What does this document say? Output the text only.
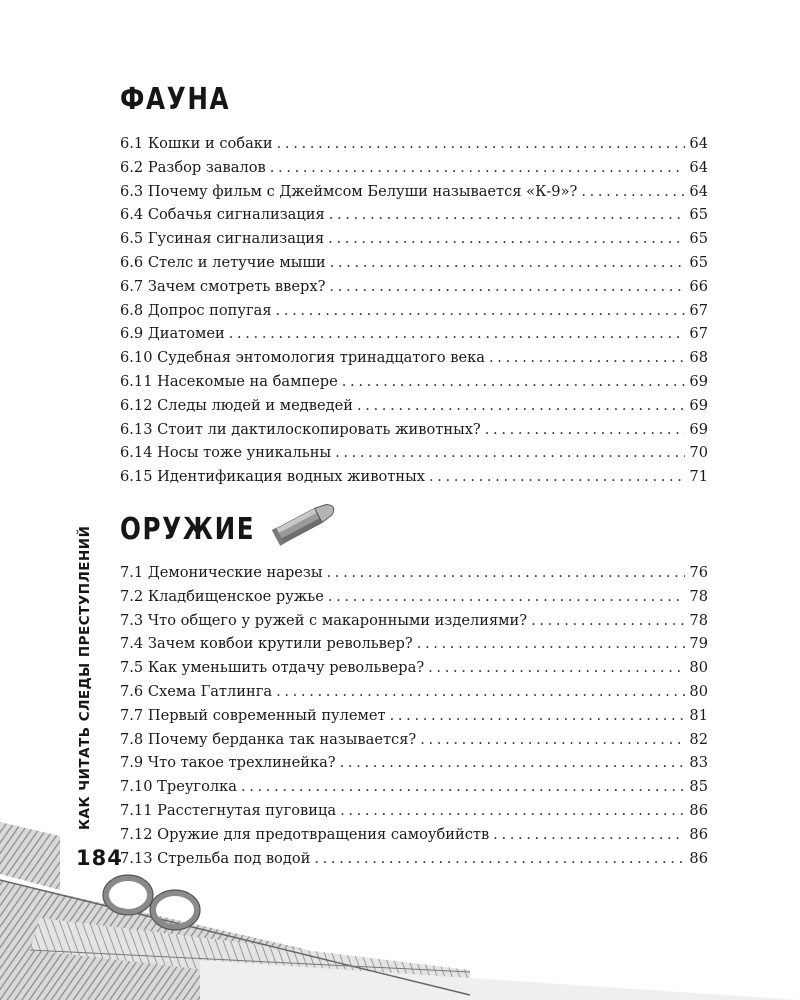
ФАУНА
6.1 Кошки и собаки . . .	64
6.2 Разбор завалов . . .	64
6.3 Почему фильм с Джеймсом Белуши называется «К-9»? . . .	64
6.4 Собачья сигнализация . . .	65
6.5 Гусиная сигнализация . . .	65
6.6 Стелс и летучие мыши . . .	65
6.7 Зачем смотреть вверх? . . .	66
6.8 Допрос попугая . . .	67
6.9 Диатомеи . . .	67
6.10 Судебная энтомология тринадцатого века . . .	68
6.11 Насекомые на бампере . . .	69
6.12 Следы людей и медведей . . .	69
6.13 Стоит ли дактилоскопировать животных? . . .	69
6.14 Носы тоже уникальны . . .	70
6.15 Идентификация водных животных . . .	71
ОРУЖИЕ
7.1 Демонические нарезы . . .	76
7.2 Кладбищенское ружье . . .	78
7.3 Что общего у ружей с макаронными изделиями? . . .	78
7.4 Зачем ковбои крутили револьвер? . . .	79
7.5 Как уменьшить отдачу револьвера? . . .	80
7.6 Схема Гатлинга . . .	80
7.7 Первый современный пулемет . . .	81
7.8 Почему берданка так называется? . . .	82
7.9 Что такое трехлинейка? . . .	83
7.10 Треуголка . . .	85
7.11 Расстегнутая пуговица . . .	86
7.12 Оружие для предотвращения самоубийств . . .	86
7.13 Стрельба под водой . . .	86
КАК ЧИТАТЬ СЛЕДЫ ПРЕСТУПЛЕНИЙ
184
